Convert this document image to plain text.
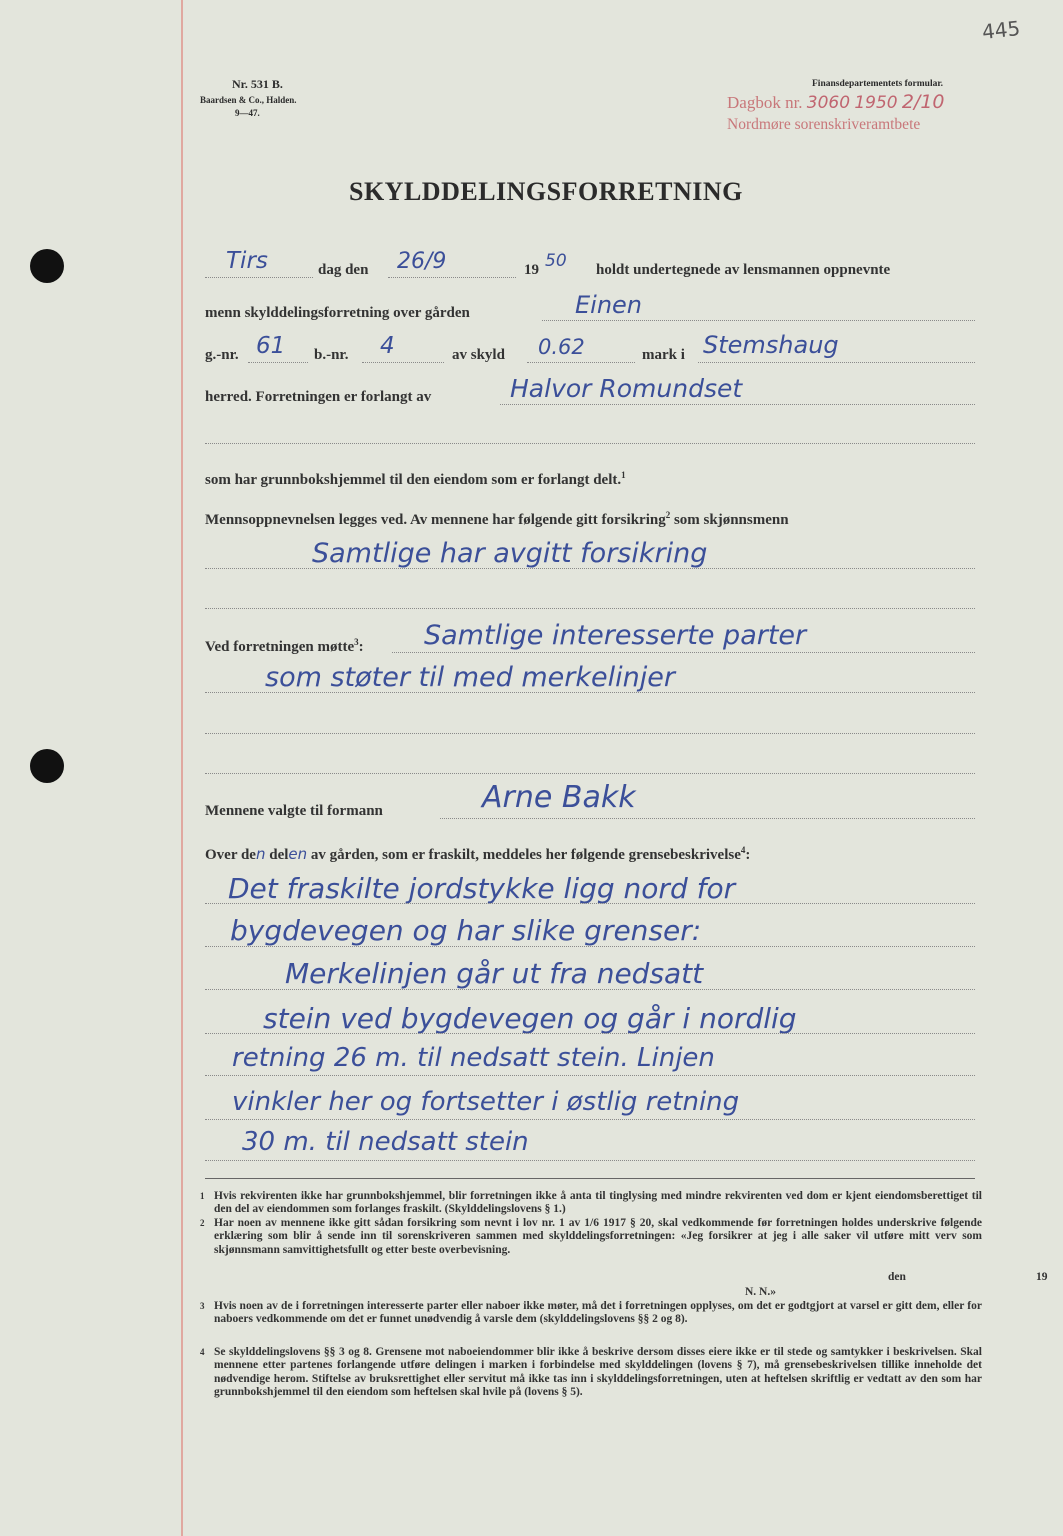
Nr. 531 B.
Baardsen & Co., Halden.
9—47.
Finansdepartementets formular.
445
Dagbok nr. 3060 1950 2/10
Nordmøre sorenskriveramtbete
SKYLDDELINGSFORRETNING
Tirs	dag den 26/9	19 50 holdt undertegnede av lensmannen oppnevnte
menn skylddelingsforretning over gården	Einen
g.-nr. 61 b.-nr. 4	av skyld 0.62	mark i Stemshaug
herred. Forretningen er forlangt av	Halvor Romundset
som har grunnbokshjemmel til den eiendom som er forlangt delt.$^1$
Mennsoppnevnelsen legges ved. Av mennene har følgende gitt forsikring$^2$ som skjønnsmenn
Samtlige har avgitt forsikring
Ved forretningen møtte$^3$: Samtlige interesserte parter
som støter til med merkelinjer
Mennene valgte til formann	Arne Bakk
Over den delen av gården, som er fraskilt, meddeles her følgende grensebeskrivelse$^4$:
Det fraskilte jordstykke ligg nord for
bygdevegen og har slike grenser:
Merkelinjen går ut fra nedsatt
stein ved bygdevegen og går i nordlig
retning 26 m. til nedsatt stein. Linjen
vinkler her og fortsetter i østlig retning
30 m. til nedsatt stein
1 Hvis rekvirenten ikke har grunnbokshjemmel, blir forretningen ikke å anta til tinglysing med mindre rekvirenten ved dom er kjent eiendomsberettiget til den del av eiendommen som forlanges fraskilt. (Skylddelingslovens § 1.)
2 Har noen av mennene ikke gitt sådan forsikring som nevnt i lov nr. 1 av 1/6 1917 § 20, skal vedkommende før forretningen holdes underskrive følgende erklæring som blir å sende inn til sorenskriveren sammen med skylddelingsforretningen: «Jeg forsikrer at jeg i alle saker vil utføre mitt verv som skjønnsmann samvittighetsfullt og etter beste overbevisning.
den	19
N. N.»
3 Hvis noen av de i forretningen interesserte parter eller naboer ikke møter, må det i forretningen opplyses, om det er godtgjort at varsel er gitt dem, eller for naboers vedkommende om det er funnet unødvendig å varsle dem (skylddelingslovens §§ 2 og 8).
4 Se skylddelingslovens §§ 3 og 8. Grensene mot naboeiendommer blir ikke å beskrive dersom disses eiere ikke er til stede og samtykker i beskrivelsen. Skal mennene etter partenes forlangende utføre delingen i marken i forbindelse med skylddelingen (lovens § 7), må grensebeskrivelsen tillike inneholde det nødvendige herom. Stiftelse av bruksrettighet eller servitut må ikke tas inn i skylddelingsforretningen, uten at heftelsen skriftlig er vedtatt av den som har grunnbokshjemmel til den eiendom som heftelsen skal hvile på (lovens § 5).
